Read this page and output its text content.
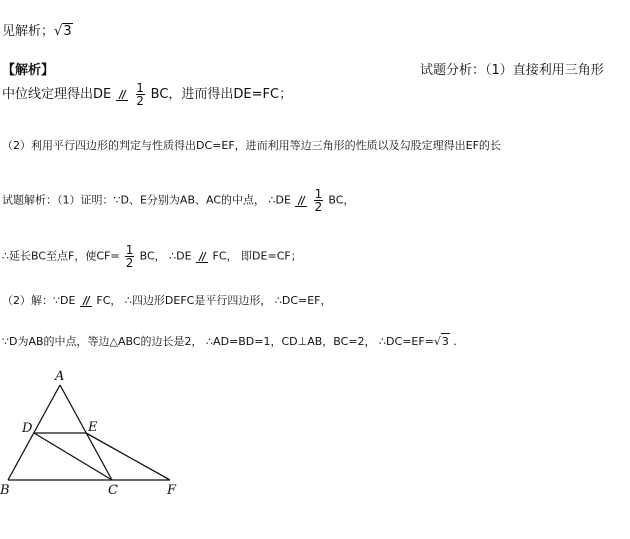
见解析；√3
【解析】	试题分析：（1）直接利用三角形
中位线定理得出DE
$\frac{1}{2}$ BC，进而得出DE=FC；
（2）利用平行四边形的判定与性质得出DC=EF，进而利用等边三角形的性质以及勾股定理得出EF的长
试题解析：（1）证明：∵D、E分别为AB、AC的中点， ∴DE
$\frac{1}{2}$ BC，
∴延长BC至点F，使$CF= \frac{1}{2}$ BC， ∴DE FC， 即DE=CF；
（2）解：∵DE FC， ∴四边形DEFC是平行四边形， ∴DC=EF，
∵D为AB的中点，等边△ABC的边长是2， ∴AD=BD=1，CD⊥AB，BC=2， ∴DC=EF=√3 .
A
B	C
D	E
F
